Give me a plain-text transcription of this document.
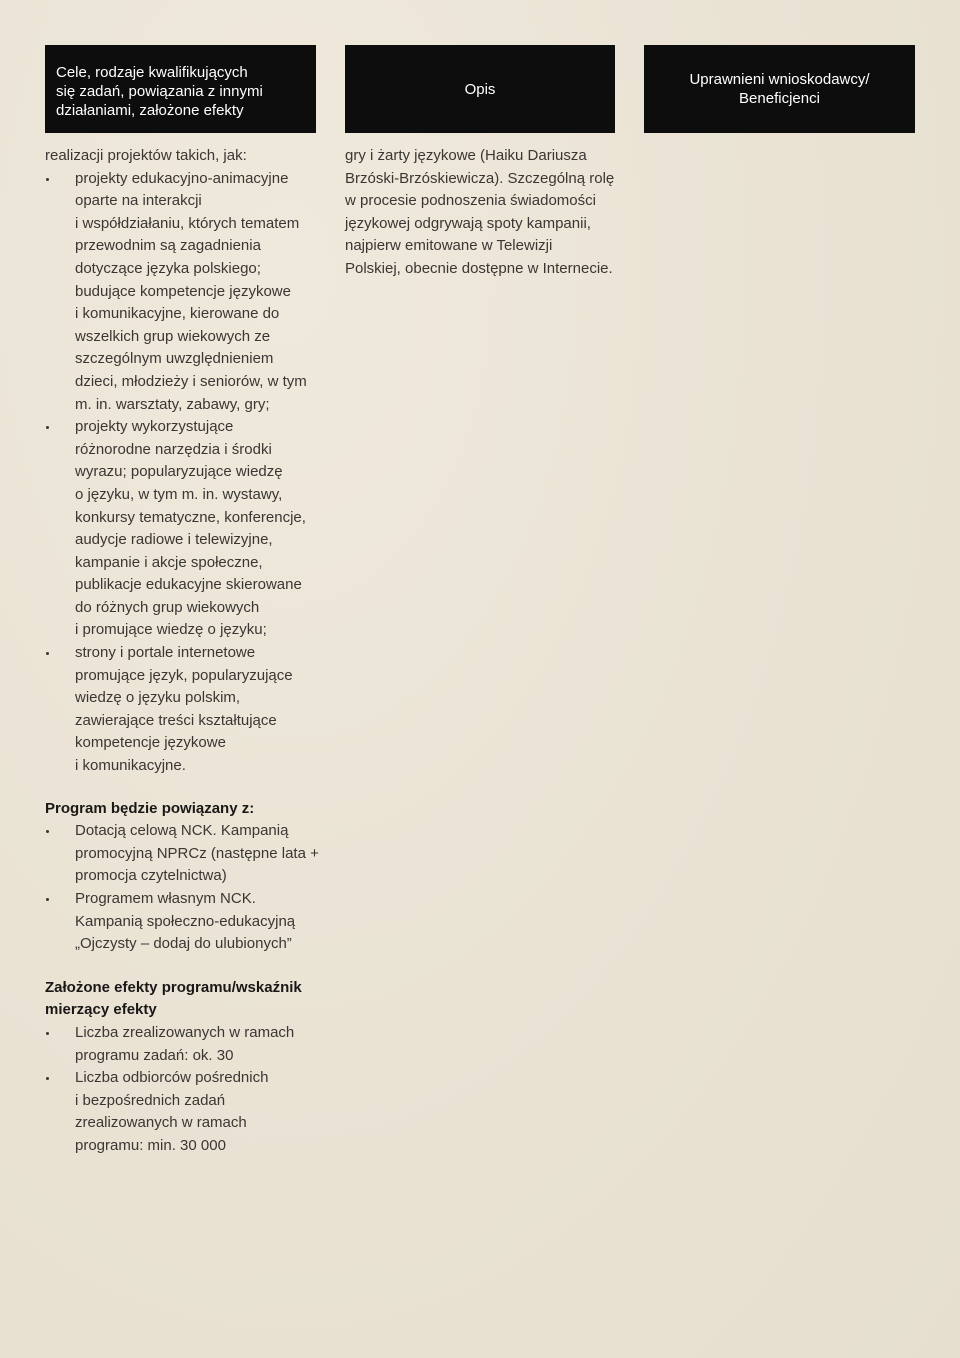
Cele, rodzaje kwalifikujących
się zadań, powiązania z innymi
działaniami, założone efekty
Opis
Uprawnieni wnioskodawcy/
Beneficjenci
realizacji projektów takich, jak:
projekty edukacyjno-animacyjne
oparte na interakcji
i współdziałaniu, których tematem
przewodnim są zagadnienia
dotyczące języka polskiego;
budujące kompetencje językowe
i komunikacyjne, kierowane do
wszelkich grup wiekowych ze
szczególnym uwzględnieniem
dzieci, młodzieży i seniorów, w tym
m. in. warsztaty, zabawy, gry;
projekty wykorzystujące
różnorodne narzędzia i środki
wyrazu; popularyzujące wiedzę
o języku, w tym m. in. wystawy,
konkursy tematyczne, konferencje,
audycje radiowe i telewizyjne,
kampanie i akcje społeczne,
publikacje edukacyjne skierowane
do różnych grup wiekowych
i promujące wiedzę o języku;
strony i portale internetowe
promujące język, popularyzujące
wiedzę o języku polskim,
zawierające treści kształtujące
kompetencje językowe
i komunikacyjne.
Program będzie powiązany z:
Dotacją celową NCK. Kampanią
promocyjną NPRCz (następne lata +
promocja czytelnictwa)
Programem własnym NCK.
Kampanią społeczno-edukacyjną
„Ojczysty – dodaj do ulubionych”
Założone efekty programu/wskaźnik
mierzący efekty
Liczba zrealizowanych w ramach
programu zadań: ok. 30
Liczba odbiorców pośrednich
i bezpośrednich zadań
zrealizowanych w ramach
programu: min. 30 000
gry i żarty językowe (Haiku Dariusza
Brzóski-Brzóskiewicza). Szczególną rolę
w procesie podnoszenia świadomości
językowej odgrywają spoty kampanii,
najpierw emitowane w Telewizji
Polskiej, obecnie dostępne w Internecie.
